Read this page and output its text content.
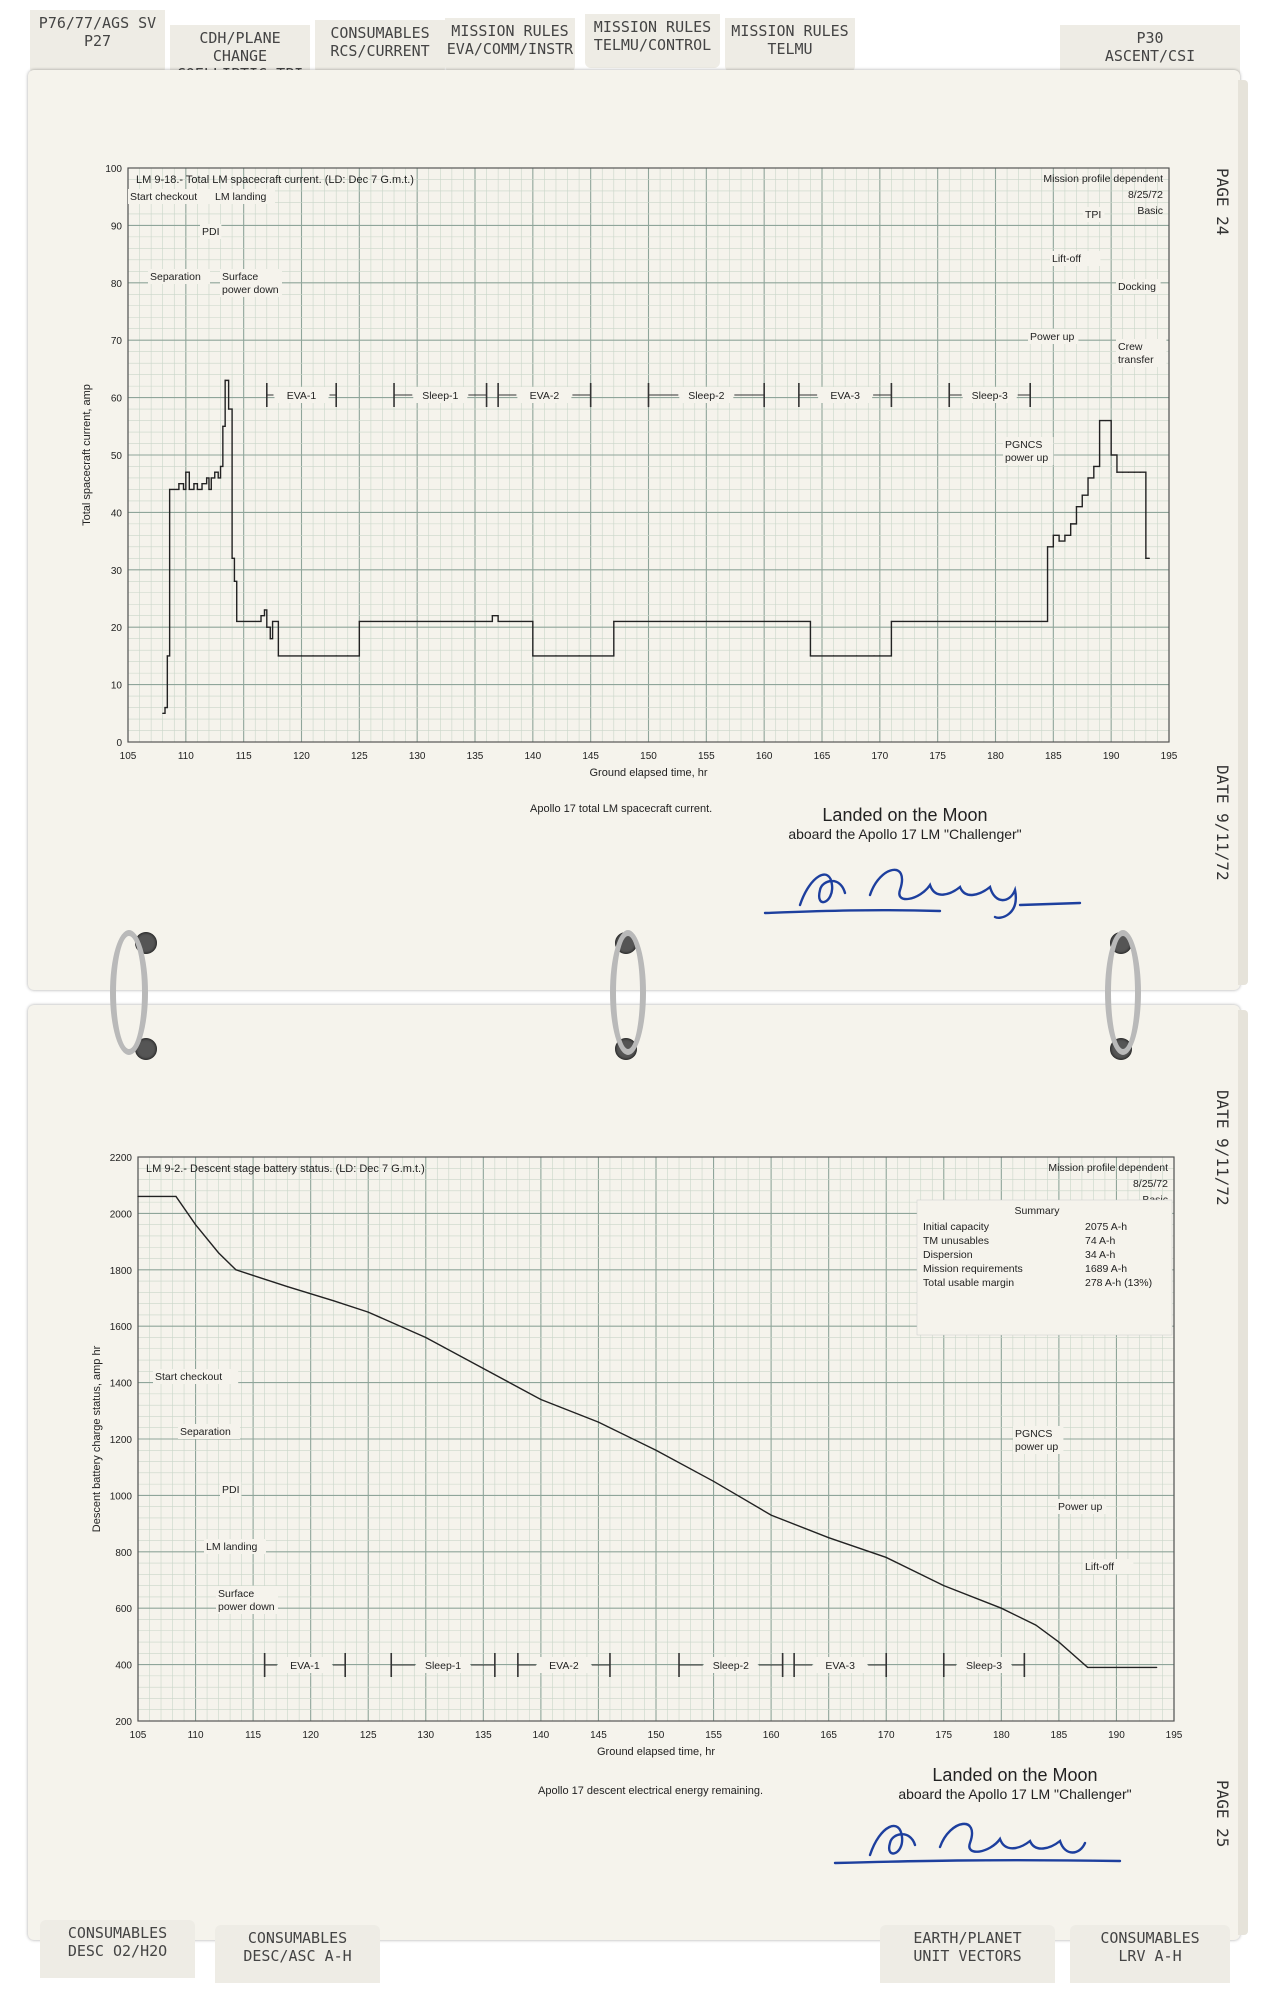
P76/77/AGS SV
P27	CDH/PLANE CHANGE
CONSUMABLES
RCS/CURRENT
MISSION RULES
EVA/COMM/INSTR
MISSION RULES
TELMU/CONTROL
MISSION RULES
TELMU
P30
ASCENT/CSI
PAGE 24
DATE 9/11/72
105	110	115	120	125	130	135	140	145	150	155	160	165	170	175	180	185	190	195
0
10
20
30
40
50
60
70
80
90
100
Ground elapsed time, hr
Total spacecraft current, amp
LM 9-18.- Total LM spacecraft current. (LD: Dec 7 G.m.t.)	Mission profile dependent
8/25/72
Basic
Start checkout
Separation
PDI
LM landing
Surface
power down
EVA-1	Sleep-1	EVA-2	Sleep-2	EVA-3	Sleep-3
PGNCS
power up
Power up
Lift-off
TPI
Docking
Crew
transfer
Apollo 17 total LM spacecraft current.	Landed on the Moon
aboard the Apollo 17 LM "Challenger"
DATE 9/11/72
PAGE 25
105	110	115	120	125	130	135	140	145	150	155	160	165	170	175	180	185	190	195
200
400
600
800
1000
1200
1400
1600
1800
2000
2200
Ground elapsed time, hr
Descent battery charge status, amp hr
LM 9-2.- Descent stage battery status. (LD: Dec 7 G.m.t.)	Mission profile dependent
8/25/72
Start checkout
Separation
PDI
LM landing
Surface
power down
EVA-1	Sleep-1	EVA-2	Sleep-2	EVA-3	Sleep-3
PGNCS
power up
Power up
Lift-off
Summary
Initial capacity	2075 A-h
TM unusables	74 A-h
Dispersion	34 A-h
Mission requirements	1689 A-h
Total usable margin	278 A-h (13%)
Apollo 17 descent electrical energy remaining.
Landed on the Moon
aboard the Apollo 17 LM "Challenger"
CONSUMABLES
DESC O2/H2O
CONSUMABLES
DESC/ASC A-H
EARTH/PLANET
UNIT VECTORS
CONSUMABLES
LRV A-H
